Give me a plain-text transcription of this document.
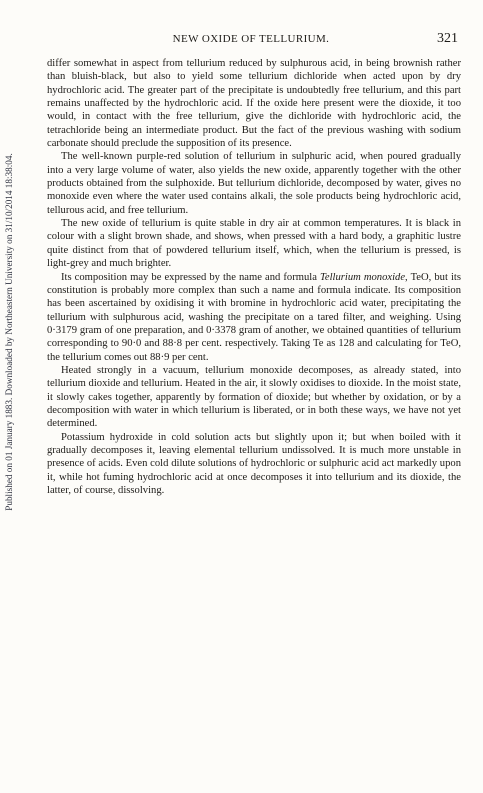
NEW OXIDE OF TELLURIUM.	321
Published on 01 January 1883. Downloaded by Northeastern University on 31/10/2014 18:38:04.

differ somewhat in aspect from tellurium reduced by sulphurous acid, in being brownish rather than bluish-black, but also to yield some tellurium dichloride when acted upon by dry hydrochloric acid. The greater part of the precipitate is undoubtedly free tellurium, and this part remains unaffected by the hydrochloric acid. If the oxide here present were the dioxide, it too would, in contact with the free tellurium, give the dichloride with hydrochloric acid, the tetrachloride being an intermediate product. But the fact of the previous washing with sodium carbonate should preclude the supposition of its presence.

The well-known purple-red solution of tellurium in sulphuric acid, when poured gradually into a very large volume of water, also yields the new oxide, apparently together with the other products obtained from the sulphoxide. But tellurium dichloride, decomposed by water, gives no monoxide even where the water used contains alkali, the sole products being hydrochloric acid, tellurous acid, and free tellurium.

The new oxide of tellurium is quite stable in dry air at common temperatures. It is black in colour with a slight brown shade, and shows, when pressed with a hard body, a graphitic lustre quite distinct from that of powdered tellurium itself, which, when the tellurium is pressed, is light-grey and much brighter.

Its composition may be expressed by the name and formula Tellurium monoxide, TeO, but its constitution is probably more complex than such a name and formula indicate. Its composition has been ascertained by oxidising it with bromine in hydrochloric acid water, precipitating the tellurium with sulphurous acid, washing the precipitate on a tared filter, and weighing. Using 0·3179 gram of one preparation, and 0·3378 gram of another, we obtained quantities of tellurium corresponding to 90·0 and 88·8 per cent. respectively. Taking Te as 128 and calculating for TeO, the tellurium comes out 88·9 per cent.

Heated strongly in a vacuum, tellurium monoxide decomposes, as already stated, into tellurium dioxide and tellurium. Heated in the air, it slowly oxidises to dioxide. In the moist state, it slowly cakes together, apparently by formation of dioxide; but whether by oxidation, or by a decomposition with water in which tellurium is liberated, or in both these ways, we have not yet determined.

Potassium hydroxide in cold solution acts but slightly upon it; but when boiled with it gradually decomposes it, leaving elemental tellurium undissolved. It is much more unstable in presence of acids. Even cold dilute solutions of hydrochloric or sulphuric acid act markedly upon it, while hot fuming hydrochloric acid at once decomposes it into tellurium and its dioxide, the latter, of course, dissolving.
